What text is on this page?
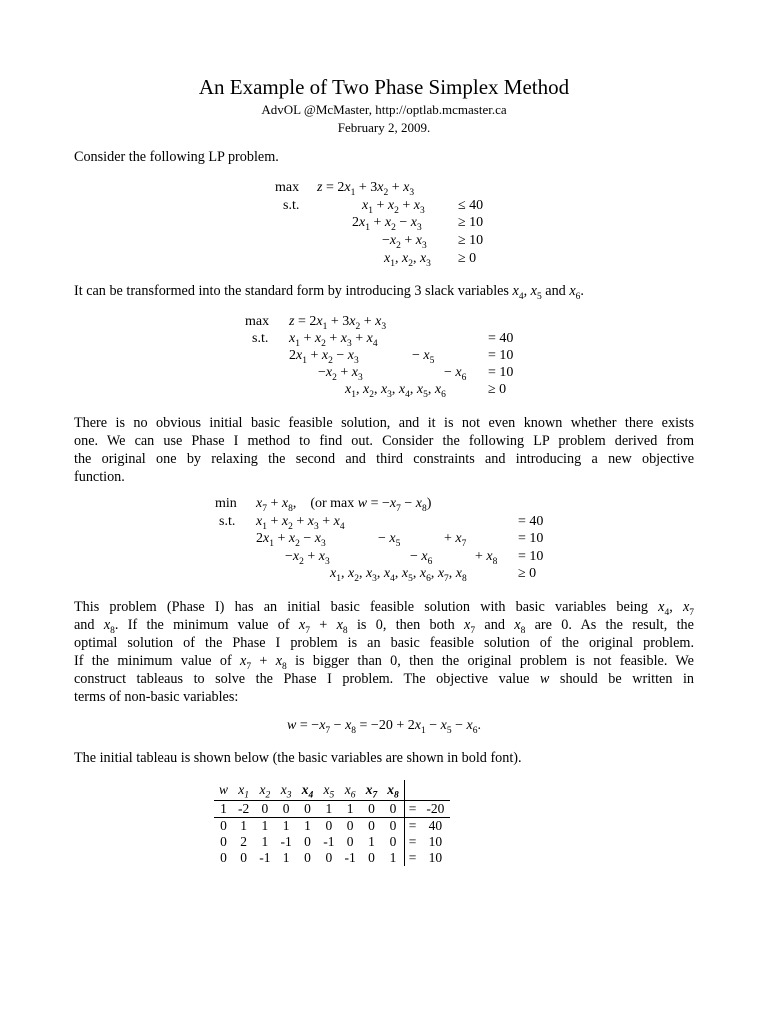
An Example of Two Phase Simplex Method
AdvOL @McMaster, http://optlab.mcmaster.ca
February 2, 2009.
Consider the following LP problem.
$\max z = 2x_1 + 3x_2 + x_3$
s.t.	$x_1 + x_2 + x_3 \le 40$
$2x_1 + x_2 - x_3$	≥ 10
$-x_2 + x_3 \ge 10$
$x_1$, $x_2$, $x_3 \ge 0$
It can be transformed into the standard form by introducing 3 slack variables $x_4$, $x_5$ and $x_6$.
$\max z = 2x_1 + 3x_2 + x_3$
s.t. $x_1 + x_2 + x_3 + x_4$	= 40
$2x_1 + x_2 - x_3$	− $x_5$	= 10
$-x_2 + x_3$	− $x_6 = 10$
$x_1$, $x_2$, $x_3$, $x_4$, $x_5$, $x_6$	≥ 0
There is no obvious initial basic feasible solution, and it is not even known whether there exists
one. We can use Phase I method to find out. Consider the following LP problem derived from
the original one by relaxing the second and third constraints and introducing a new objective
function.
$\min x_7 + x_8$,    (or $\max w = -x_7 - x_8$)
s.t. $x_1 + x_2 + x_3 + x_4$	= 40
$2x_1 + x_2 - x_3$	− $x_5$	+ $x_7$	= 10
$-x_2 + x_3$	− $x_6$	+ $x_8 = 10$
$x_1$, $x_2$, $x_3$, $x_4$, $x_5$, $x_6$, $x_7$, $x_8$	≥ 0
This problem (Phase I) has an initial basic feasible solution with basic variables being $x_4$, $x_7$
and $x_8$. If the minimum value of $x_7 + x_8$ is 0, then both $x_7$ and $x_8$ are 0. As the result, the
optimal solution of the Phase I problem is an basic feasible solution of the original problem.
If the minimum value of $x_7 + x_8$ is bigger than 0, then the original problem is not feasible. We
construct tableaus to solve the Phase I problem. The objective value w should be written in
terms of non-basic variables:
$w = -x_7 - x_8 = -20 + 2x_1 - x_5 - x_6$.
The initial tableau is shown below (the basic variables are shown in bold font).
w	$x_1$	$x_2$	$x_3$	$x_4$	$x_5$	$x_6$	$x_7$	$x_8$		
1	-2	0	0	0	1	1	0	0	=	-20
0	1	1	1	1	0	0	0	0	=	40
0	2	1	-1	0	-1	0	1	0	=	10
0	0	-1	1	0	0	-1	0	1	=	10
